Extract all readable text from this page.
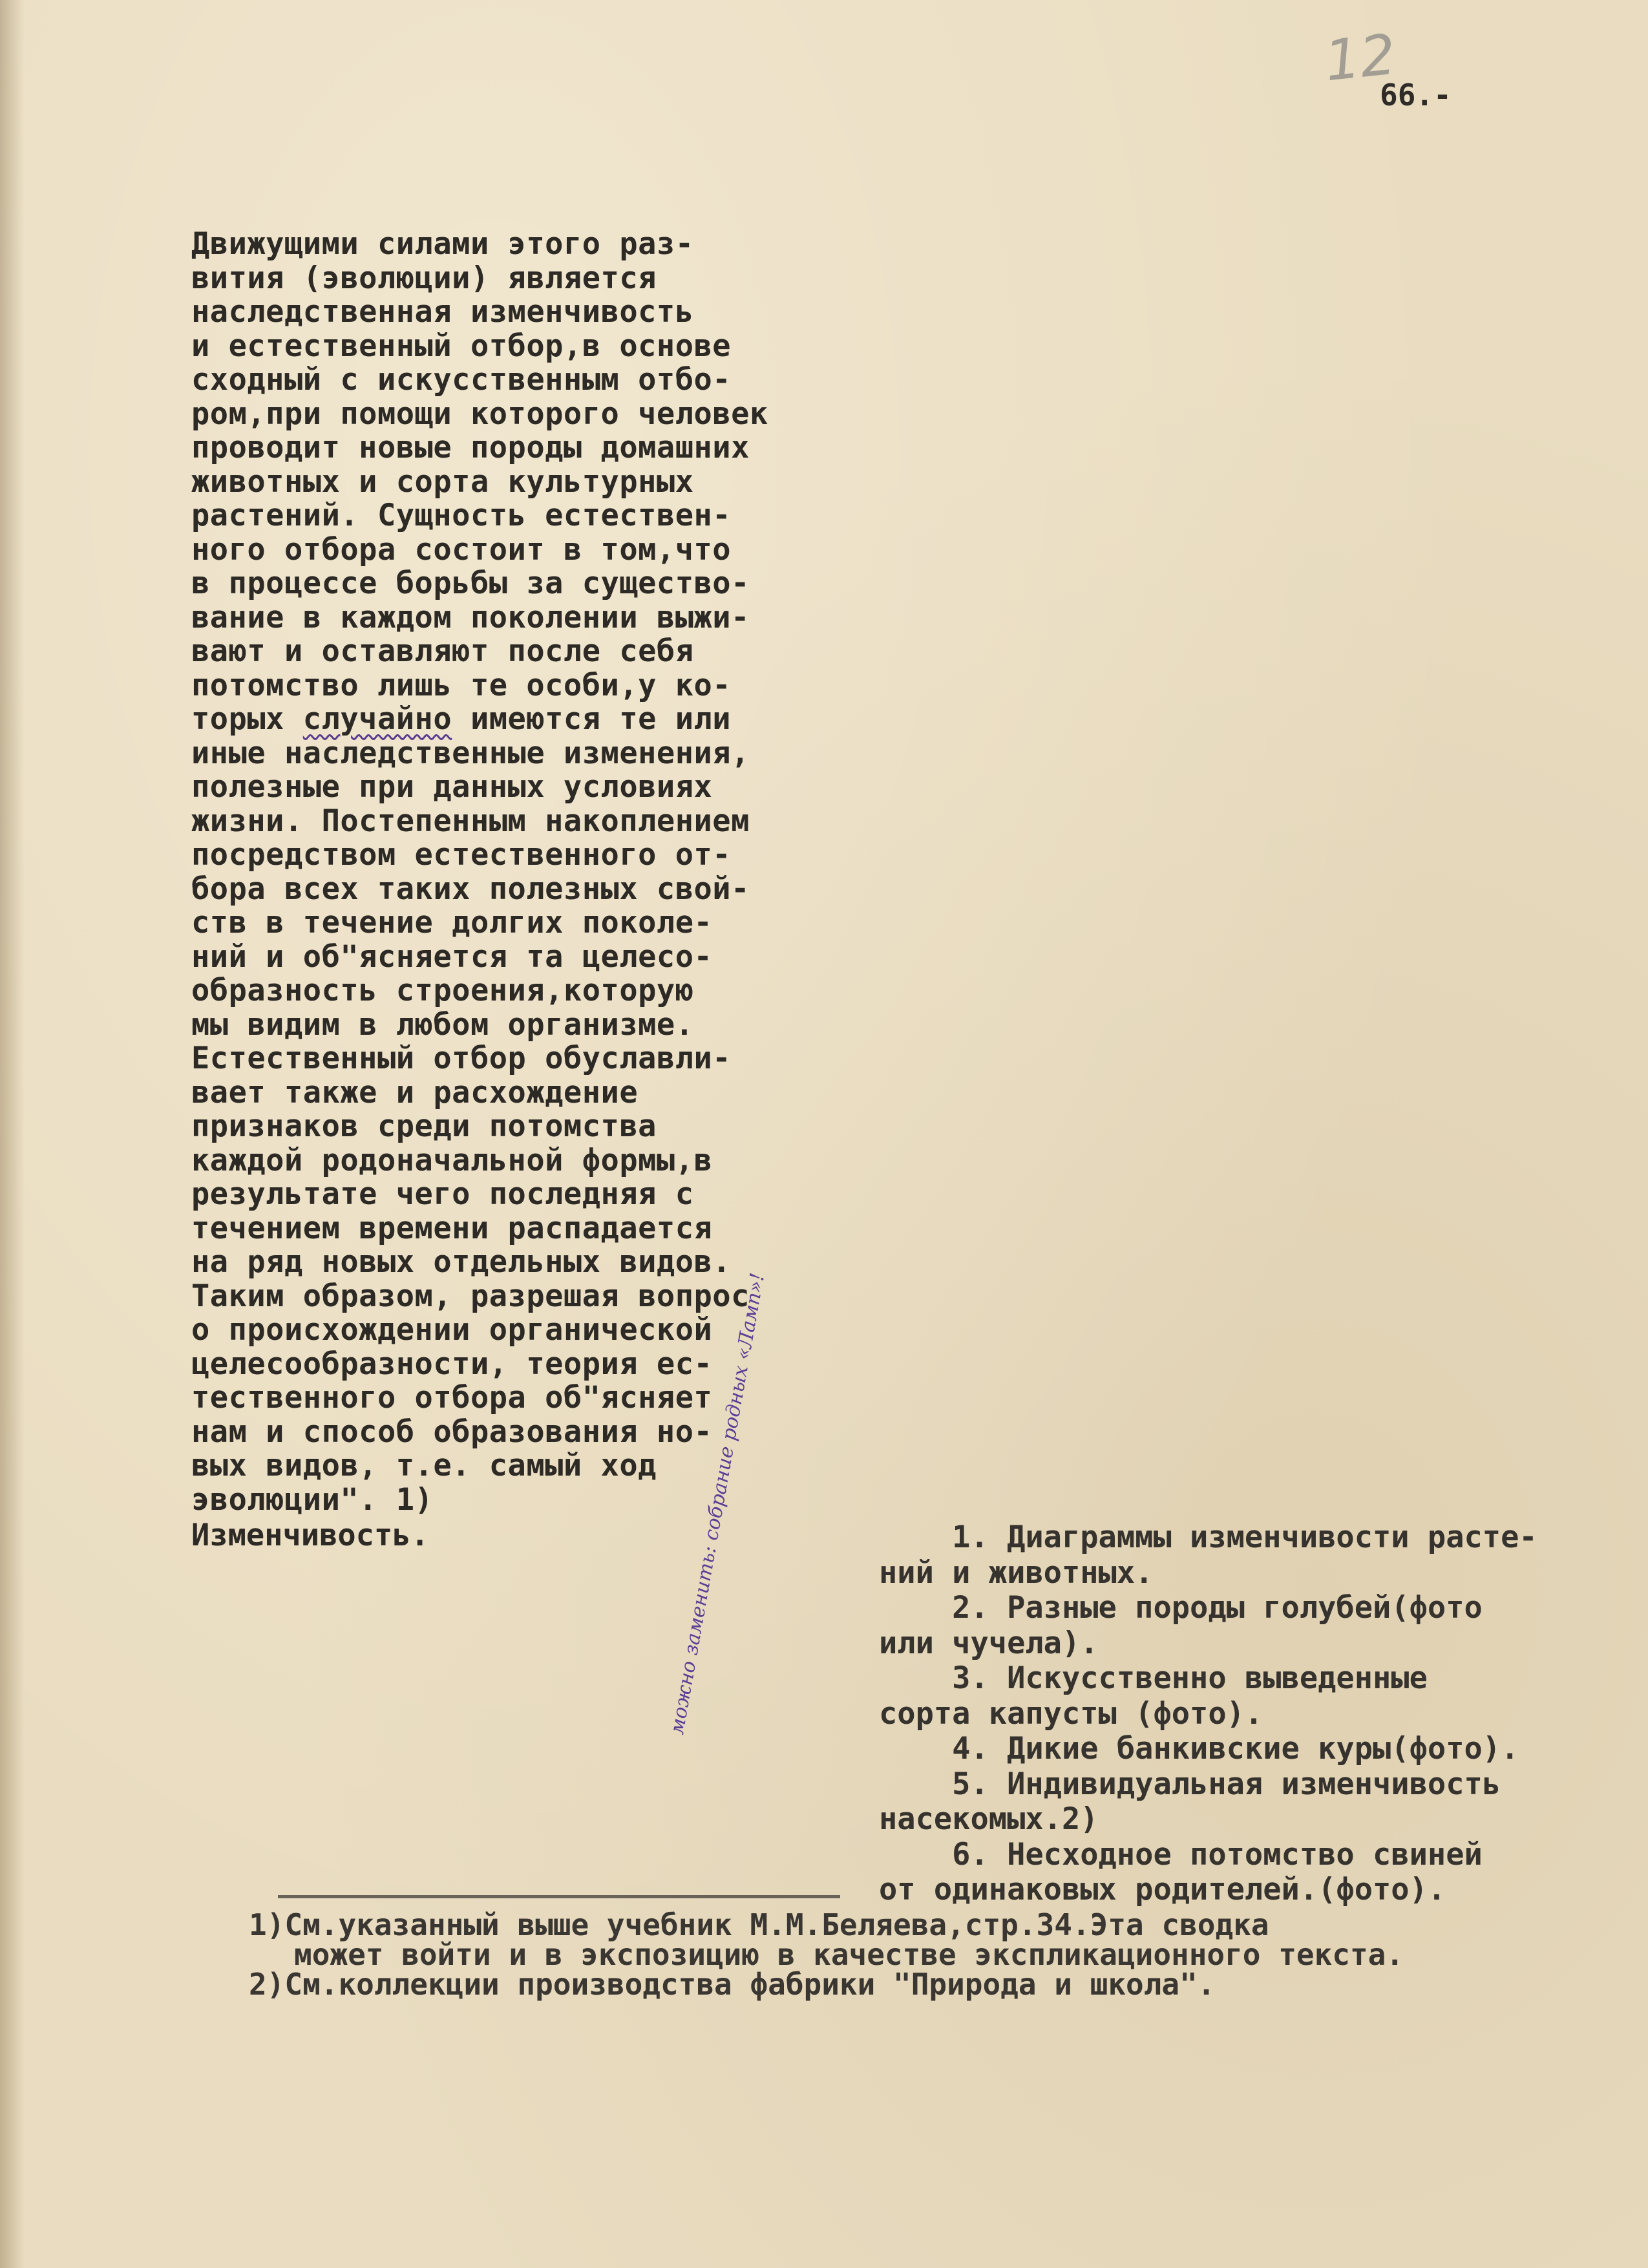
12
66.-
Движущими силами этого раз-
вития (эволюции) является
наследственная изменчивость
и естественный отбор,в основе
сходный с искусственным отбо-
ром,при помощи которого человек
проводит новые породы домашних
животных и сорта культурных
растений. Сущность естествен-
ного отбора состоит в том,что
в процессе борьбы за существо-
вание в каждом поколении выжи-
вают и оставляют после себя
потомство лишь те особи,у ко-
торых случайно имеются те или
иные наследственные изменения,
полезные при данных условиях
жизни. Постепенным накоплением
посредством естественного от-
бора всех таких полезных свой-
ств в течение долгих поколе-
ний и об"ясняется та целесо-
образность строения,которую
мы видим в любом организме.
Естественный отбор обуславли-
вает также и расхождение
признаков среди потомства
каждой родоначальной формы,в
результате чего последняя с
течением времени распадается
на ряд новых отдельных видов.
Таким образом, разрешая вопрос
о происхождении органической
целесообразности, теория ес-
тественного отбора об"ясняет
нам и способ образования но-
вых видов, т.е. самый ход
эволюции". 1)
Изменчивость.	1. Диаграммы изменчивости расте-
ний и животных.
2. Разные породы голубей(фото
или чучела).
3. Искусственно выведенные
сорта капусты (фото).
4. Дикие банкивские куры(фото).
5. Индивидуальная изменчивость
насекомых.2)
6. Несходное потомство свиней
от одинаковых родителей.(фото).
можно заменить: собрание родных «Ламп»!
1)См.указанный выше учебник М.М.Беляева,стр.34.Эта сводка
может войти и в экспозицию в качестве экспликационного текста.
2)См.коллекции производства фабрики "Природа и школа".
